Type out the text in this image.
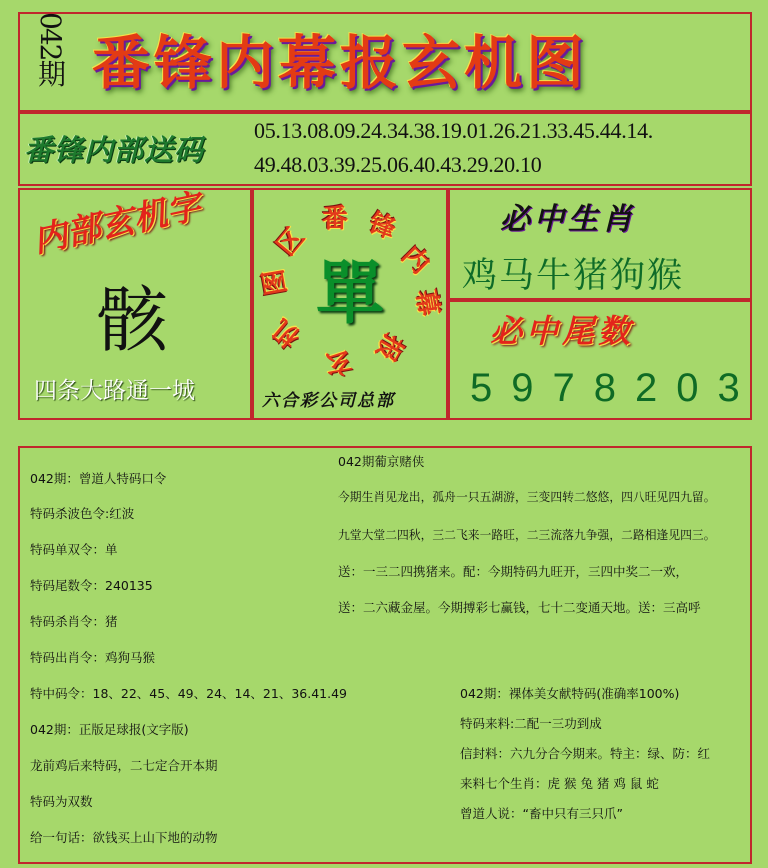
042期 番锋内幕报玄机图
番锋内部送码
05.13.08.09.24.34.38.19.01.26.21.33.45.44.14.
49.48.03.39.25.06.40.43.29.20.10
内部玄机字
骸
四条大路通一城
番 锋
内
幕
报
玄
机
图
区
單
六合彩公司总部
必中生肖
鸡马牛猪狗猴
必中尾数
5978203
042期：曾道人特码口令
特码杀波色令:红波
特码单双令：单
特码尾数令：240135
特码杀肖令：猪
特码出肖令：鸡狗马猴
特中码令：18、22、45、49、24、14、21、36.41.49
042期：正版足球报(文字版)
龙前鸡后来特码，二七定合开本期
特码为双数
给一句话：欲钱买上山下地的动物
042期葡京赌侠
今期生肖见龙出，孤舟一只五湖游，三变四转二悠悠，四八旺见四九留。
九堂大堂二四秋，三二飞来一路旺，二三流落九争强，二路相逢见四三。
送：一三二四携猪来。配：今期特码九旺开，三四中奖二一欢，
送：二六藏金屋。今期搏彩七赢钱，七十二变通天地。送：三高呼
042期：裸体美女献特码(准确率100%)
特码来料:二配一三功到成
信封料：六九分合今期来。特主：绿、防：红
来料七个生肖：虎 猴 兔 猪 鸡 鼠 蛇
曾道人说：“畜中只有三只爪”
